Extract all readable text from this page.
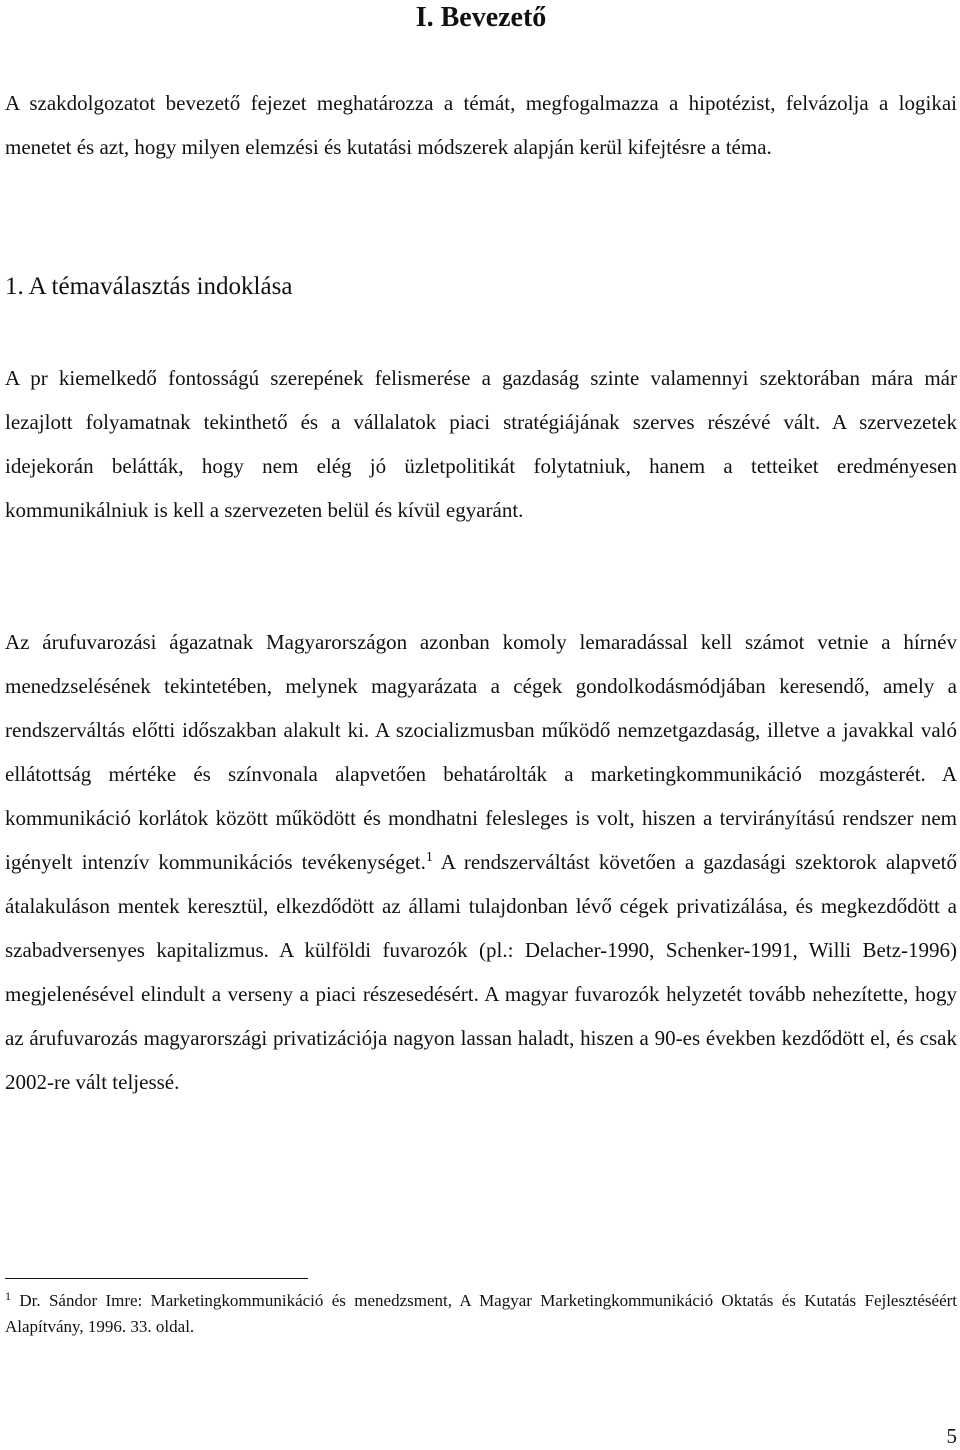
I. Bevezető

A szakdolgozatot bevezető fejezet meghatározza a témát, megfogalmazza a hipotézist, felvázolja a logikai menetet és azt, hogy milyen elemzési és kutatási módszerek alapján kerül kifejtésre a téma.

1. A témaválasztás indoklása

A pr kiemelkedő fontosságú szerepének felismerése a gazdaság szinte valamennyi szektorában mára már lezajlott folyamatnak tekinthető és a vállalatok piaci stratégiájának szerves részévé vált. A szervezetek idejekorán belátták, hogy nem elég jó üzletpolitikát folytatniuk, hanem a tetteiket eredményesen kommunikálniuk is kell a szervezeten belül és kívül egyaránt.

Az árufuvarozási ágazatnak Magyarországon azonban komoly lemaradással kell számot vetnie a hírnév menedzselésének tekintetében, melynek magyarázata a cégek gondolkodásmódjában keresendő, amely a rendszerváltás előtti időszakban alakult ki. A szocializmusban működő nemzetgazdaság, illetve a javakkal való ellátottság mértéke és színvonala alapvetően behatárolták a marketingkommunikáció mozgásterét. A kommunikáció korlátok között működött és mondhatni felesleges is volt, hiszen a tervirányítású rendszer nem igényelt intenzív kommunikációs tevékenységet.$^1$ A rendszerváltást követően a gazdasági szektorok alapvető átalakuláson mentek keresztül, elkezdődött az állami tulajdonban lévő cégek privatizálása, és megkezdődött a szabadversenyes kapitalizmus. A külföldi fuvarozók (pl.: Delacher-1990, Schenker-1991, Willi Betz-1996) megjelenésével elindult a verseny a piaci részesedésért. A magyar fuvarozók helyzetét tovább nehezítette, hogy az árufuvarozás magyarországi privatizációja nagyon lassan haladt, hiszen a 90-es években kezdődött el, és csak 2002-re vált teljessé.

$^1$ Dr. Sándor Imre: Marketingkommunikáció és menedzsment, A Magyar Marketingkommunikáció Oktatás és Kutatás Fejlesztéséért Alapítvány, 1996. 33. oldal.

5
